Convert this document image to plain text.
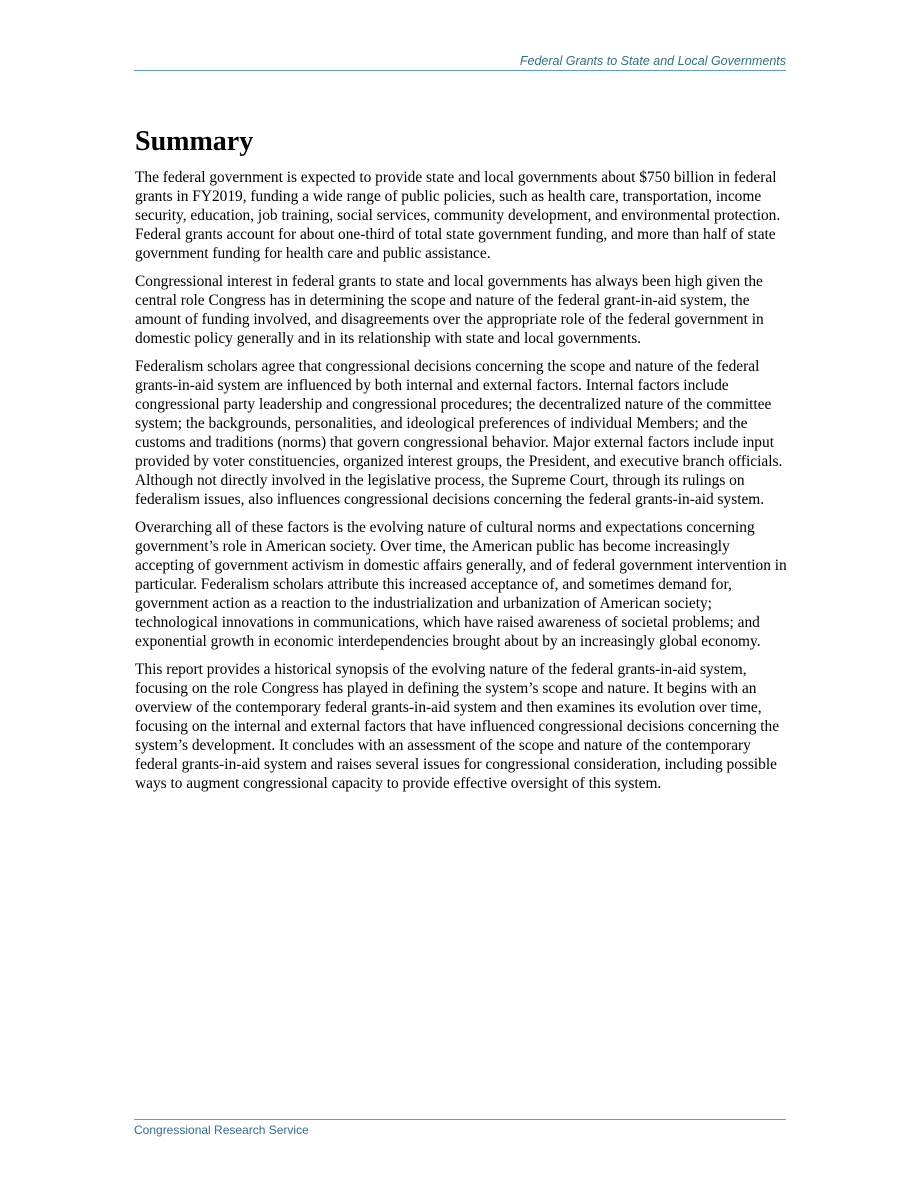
Federal Grants to State and Local Governments
Summary

The federal government is expected to provide state and local governments about $750 billion in federal grants in FY2019, funding a wide range of public policies, such as health care, transportation, income security, education, job training, social services, community development, and environmental protection. Federal grants account for about one-third of total state government funding, and more than half of state government funding for health care and public assistance.

Congressional interest in federal grants to state and local governments has always been high given the central role Congress has in determining the scope and nature of the federal grant-in-aid system, the amount of funding involved, and disagreements over the appropriate role of the federal government in domestic policy generally and in its relationship with state and local governments.

Federalism scholars agree that congressional decisions concerning the scope and nature of the federal grants-in-aid system are influenced by both internal and external factors. Internal factors include congressional party leadership and congressional procedures; the decentralized nature of the committee system; the backgrounds, personalities, and ideological preferences of individual Members; and the customs and traditions (norms) that govern congressional behavior. Major external factors include input provided by voter constituencies, organized interest groups, the President, and executive branch officials. Although not directly involved in the legislative process, the Supreme Court, through its rulings on federalism issues, also influences congressional decisions concerning the federal grants-in-aid system.

Overarching all of these factors is the evolving nature of cultural norms and expectations concerning government’s role in American society. Over time, the American public has become increasingly accepting of government activism in domestic affairs generally, and of federal government intervention in particular. Federalism scholars attribute this increased acceptance of, and sometimes demand for, government action as a reaction to the industrialization and urbanization of American society; technological innovations in communications, which have raised awareness of societal problems; and exponential growth in economic interdependencies brought about by an increasingly global economy.

This report provides a historical synopsis of the evolving nature of the federal grants-in-aid system, focusing on the role Congress has played in defining the system’s scope and nature. It begins with an overview of the contemporary federal grants-in-aid system and then examines its evolution over time, focusing on the internal and external factors that have influenced congressional decisions concerning the system’s development. It concludes with an assessment of the scope and nature of the contemporary federal grants-in-aid system and raises several issues for congressional consideration, including possible ways to augment congressional capacity to provide effective oversight of this system.

Congressional Research Service
